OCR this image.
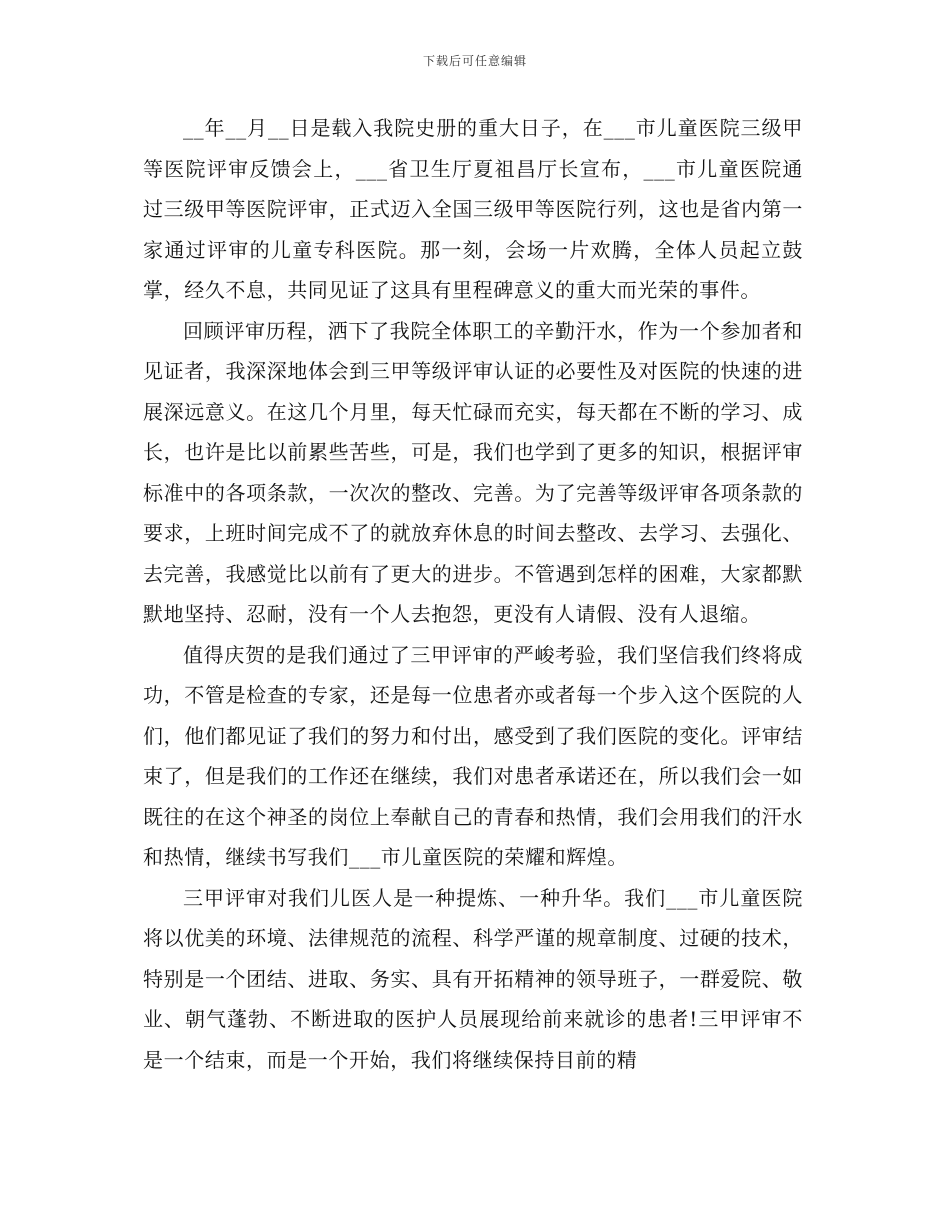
下载后可任意编辑

__年__月__日是载入我院史册的重大日子，在___市儿童医院三级甲等医院评审反馈会上，___省卫生厅夏祖昌厅长宣布，___市儿童医院通过三级甲等医院评审，正式迈入全国三级甲等医院行列，这也是省内第一家通过评审的儿童专科医院。那一刻，会场一片欢腾，全体人员起立鼓掌，经久不息，共同见证了这具有里程碑意义的重大而光荣的事件。

回顾评审历程，洒下了我院全体职工的辛勤汗水，作为一个参加者和见证者，我深深地体会到三甲等级评审认证的必要性及对医院的快速的进展深远意义。在这几个月里，每天忙碌而充实，每天都在不断的学习、成长，也许是比以前累些苦些，可是，我们也学到了更多的知识，根据评审标准中的各项条款，一次次的整改、完善。为了完善等级评审各项条款的要求，上班时间完成不了的就放弃休息的时间去整改、去学习、去强化、去完善，我感觉比以前有了更大的进步。不管遇到怎样的困难，大家都默默地坚持、忍耐，没有一个人去抱怨，更没有人请假、没有人退缩。

值得庆贺的是我们通过了三甲评审的严峻考验，我们坚信我们终将成功，不管是检查的专家，还是每一位患者亦或者每一个步入这个医院的人们，他们都见证了我们的努力和付出，感受到了我们医院的变化。评审结束了，但是我们的工作还在继续，我们对患者承诺还在，所以我们会一如既往的在这个神圣的岗位上奉献自己的青春和热情，我们会用我们的汗水和热情，继续书写我们___市儿童医院的荣耀和辉煌。

三甲评审对我们儿医人是一种提炼、一种升华。我们___市儿童医院将以优美的环境、法律规范的流程、科学严谨的规章制度、过硬的技术，特别是一个团结、进取、务实、具有开拓精神的领导班子，一群爱院、敬业、朝气蓬勃、不断进取的医护人员展现给前来就诊的患者!三甲评审不是一个结束，而是一个开始，我们将继续保持目前的精
